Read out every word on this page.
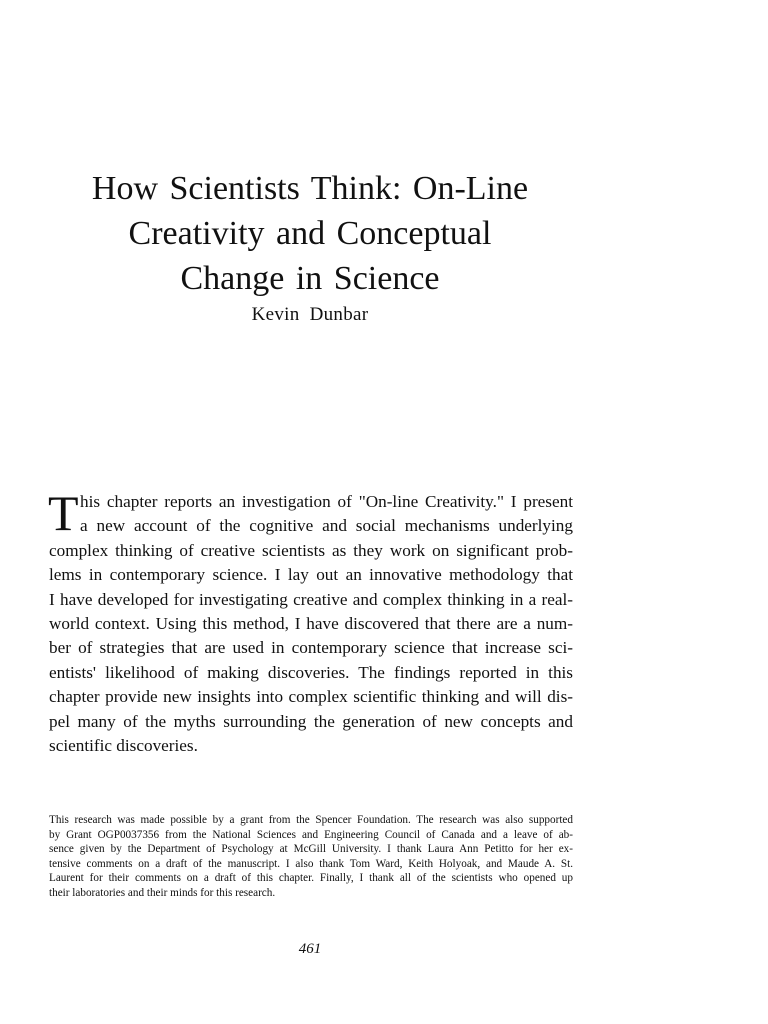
How Scientists Think: On-Line
Creativity and Conceptual
Change in Science
Kevin Dunbar
T his chapter reports an investigation of "On-line Creativity." I present
a new account of the cognitive and social mechanisms underlying
complex thinking of creative scientists as they work on significant prob-
lems in contemporary science. I lay out an innovative methodology that
I have developed for investigating creative and complex thinking in a real-
world context. Using this method, I have discovered that there are a num-
ber of strategies that are used in contemporary science that increase sci-
entists' likelihood of making discoveries. The findings reported in this
chapter provide new insights into complex scientific thinking and will dis-
pel many of the myths surrounding the generation of new concepts and
scientific discoveries.
This research was made possible by a grant from the Spencer Foundation. The research was also supported
by Grant OGP0037356 from the National Sciences and Engineering Council of Canada and a leave of ab-
sence given by the Department of Psychology at McGill University. I thank Laura Ann Petitto for her ex-
tensive comments on a draft of the manuscript. I also thank Tom Ward, Keith Holyoak, and Maude A. St.
Laurent for their comments on a draft of this chapter. Finally, I thank all of the scientists who opened up
their laboratories and their minds for this research.
461
